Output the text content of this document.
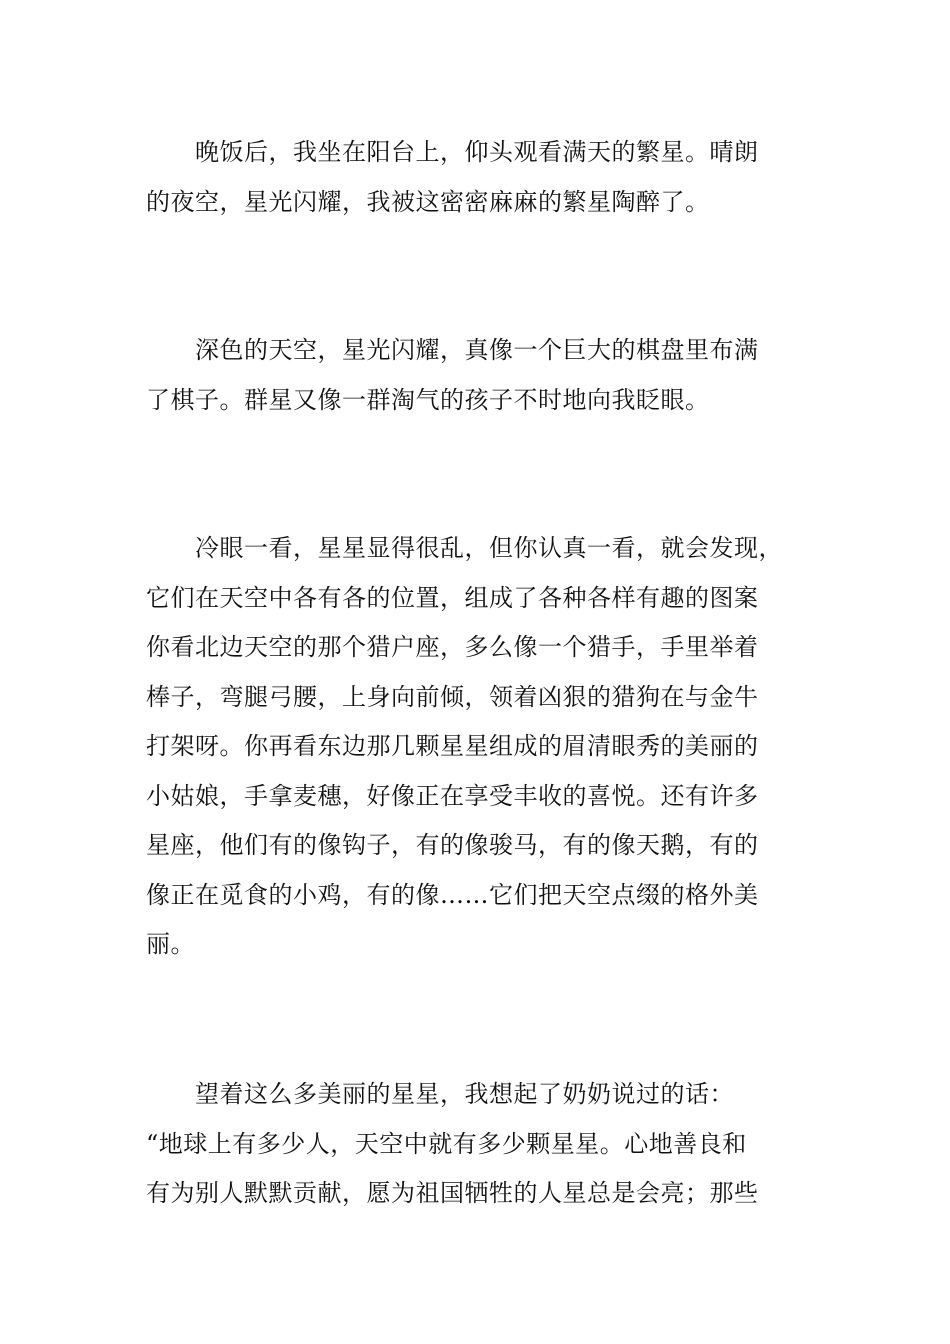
　　晚饭后，我坐在阳台上，仰头观看满天的繁星。晴朗
的夜空，星光闪耀，我被这密密麻麻的繁星陶醉了。
　　深色的天空，星光闪耀，真像一个巨大的棋盘里布满
了棋子。群星又像一群淘气的孩子不时地向我眨眼。
　　冷眼一看，星星显得很乱，但你认真一看，就会发现，
它们在天空中各有各的位置，组成了各种各样有趣的图案
你看北边天空的那个猎户座，多么像一个猎手，手里举着
棒子，弯腿弓腰，上身向前倾，领着凶狠的猎狗在与金牛
打架呀。你再看东边那几颗星星组成的眉清眼秀的美丽的
小姑娘，手拿麦穗，好像正在享受丰收的喜悦。还有许多
星座，他们有的像钩子，有的像骏马，有的像天鹅，有的
像正在觅食的小鸡，有的像……它们把天空点缀的格外美
丽。
　　望着这么多美丽的星星，我想起了奶奶说过的话：
“地球上有多少人，天空中就有多少颗星星。心地善良和
有为别人默默贡献，愿为祖国牺牲的人星总是会亮；那些
